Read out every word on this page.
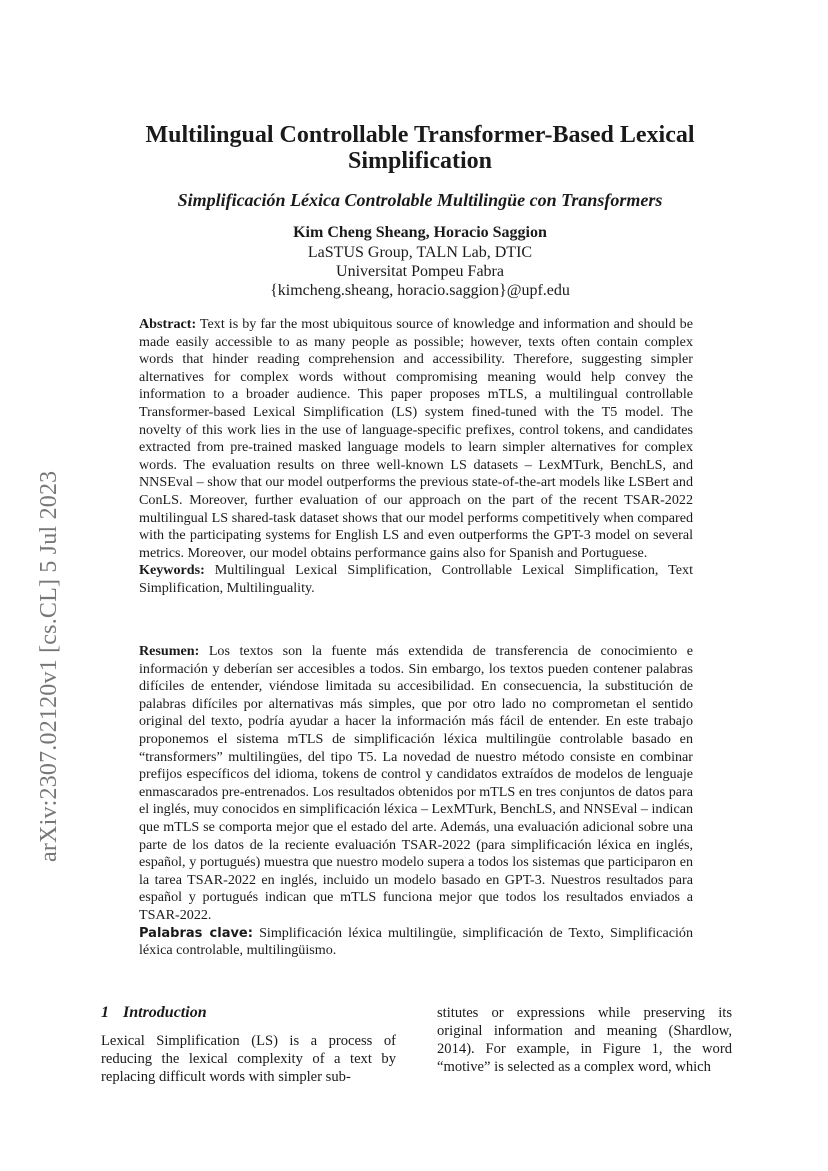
arXiv:2307.02120v1 [cs.CL] 5 Jul 2023
Multilingual Controllable Transformer-Based Lexical Simplification
Simplificación Léxica Controlable Multilingüe con Transformers
Kim Cheng Sheang, Horacio Saggion
LaSTUS Group, TALN Lab, DTIC
Universitat Pompeu Fabra
{kimcheng.sheang, horacio.saggion}@upf.edu
Abstract: Text is by far the most ubiquitous source of knowledge and information and should be made easily accessible to as many people as possible; however, texts often contain complex words that hinder reading comprehension and accessibility. Therefore, suggesting simpler alternatives for complex words without compromising meaning would help convey the information to a broader audience. This paper proposes mTLS, a multilingual controllable Transformer-based Lexical Simplification (LS) system fined-tuned with the T5 model. The novelty of this work lies in the use of language-specific prefixes, control tokens, and candidates extracted from pre-trained masked language models to learn simpler alternatives for complex words. The evaluation results on three well-known LS datasets – LexMTurk, BenchLS, and NNSEval – show that our model outperforms the previous state-of-the-art models like LSBert and ConLS. Moreover, further evaluation of our approach on the part of the recent TSAR-2022 multilingual LS shared-task dataset shows that our model performs competitively when compared with the participating systems for English LS and even outperforms the GPT-3 model on several metrics. Moreover, our model obtains performance gains also for Spanish and Portuguese.
Keywords: Multilingual Lexical Simplification, Controllable Lexical Simplification, Text Simplification, Multilinguality.
Resumen: Los textos son la fuente más extendida de transferencia de conocimiento e información y deberían ser accesibles a todos. Sin embargo, los textos pueden contener palabras difíciles de entender, viéndose limitada su accesibilidad. En consecuencia, la substitución de palabras difíciles por alternativas más simples, que por otro lado no comprometan el sentido original del texto, podría ayudar a hacer la información más fácil de entender. En este trabajo proponemos el sistema mTLS de simplificación léxica multilingüe controlable basado en “transformers” multilingües, del tipo T5. La novedad de nuestro método consiste en combinar prefijos específicos del idioma, tokens de control y candidatos extraídos de modelos de lenguaje enmascarados pre-entrenados. Los resultados obtenidos por mTLS en tres conjuntos de datos para el inglés, muy conocidos en simplificación léxica – LexMTurk, BenchLS, and NNSEval – indican que mTLS se comporta mejor que el estado del arte. Además, una evaluación adicional sobre una parte de los datos de la reciente evaluación TSAR-2022 (para simplificación léxica en inglés, español, y portugués) muestra que nuestro modelo supera a todos los sistemas que participaron en la tarea TSAR-2022 en inglés, incluido un modelo basado en GPT-3. Nuestros resultados para español y portugués indican que mTLS funciona mejor que todos los resultados enviados a TSAR-2022.
Palabras clave: Simplificación léxica multilingüe, simplificación de Texto, Simplificación léxica controlable, multilingüismo.
1 Introduction
Lexical Simplification (LS) is a process of reducing the lexical complexity of a text by replacing difficult words with simpler sub-
stitutes or expressions while preserving its original information and meaning (Shardlow, 2014). For example, in Figure 1, the word “motive” is selected as a complex word, which
